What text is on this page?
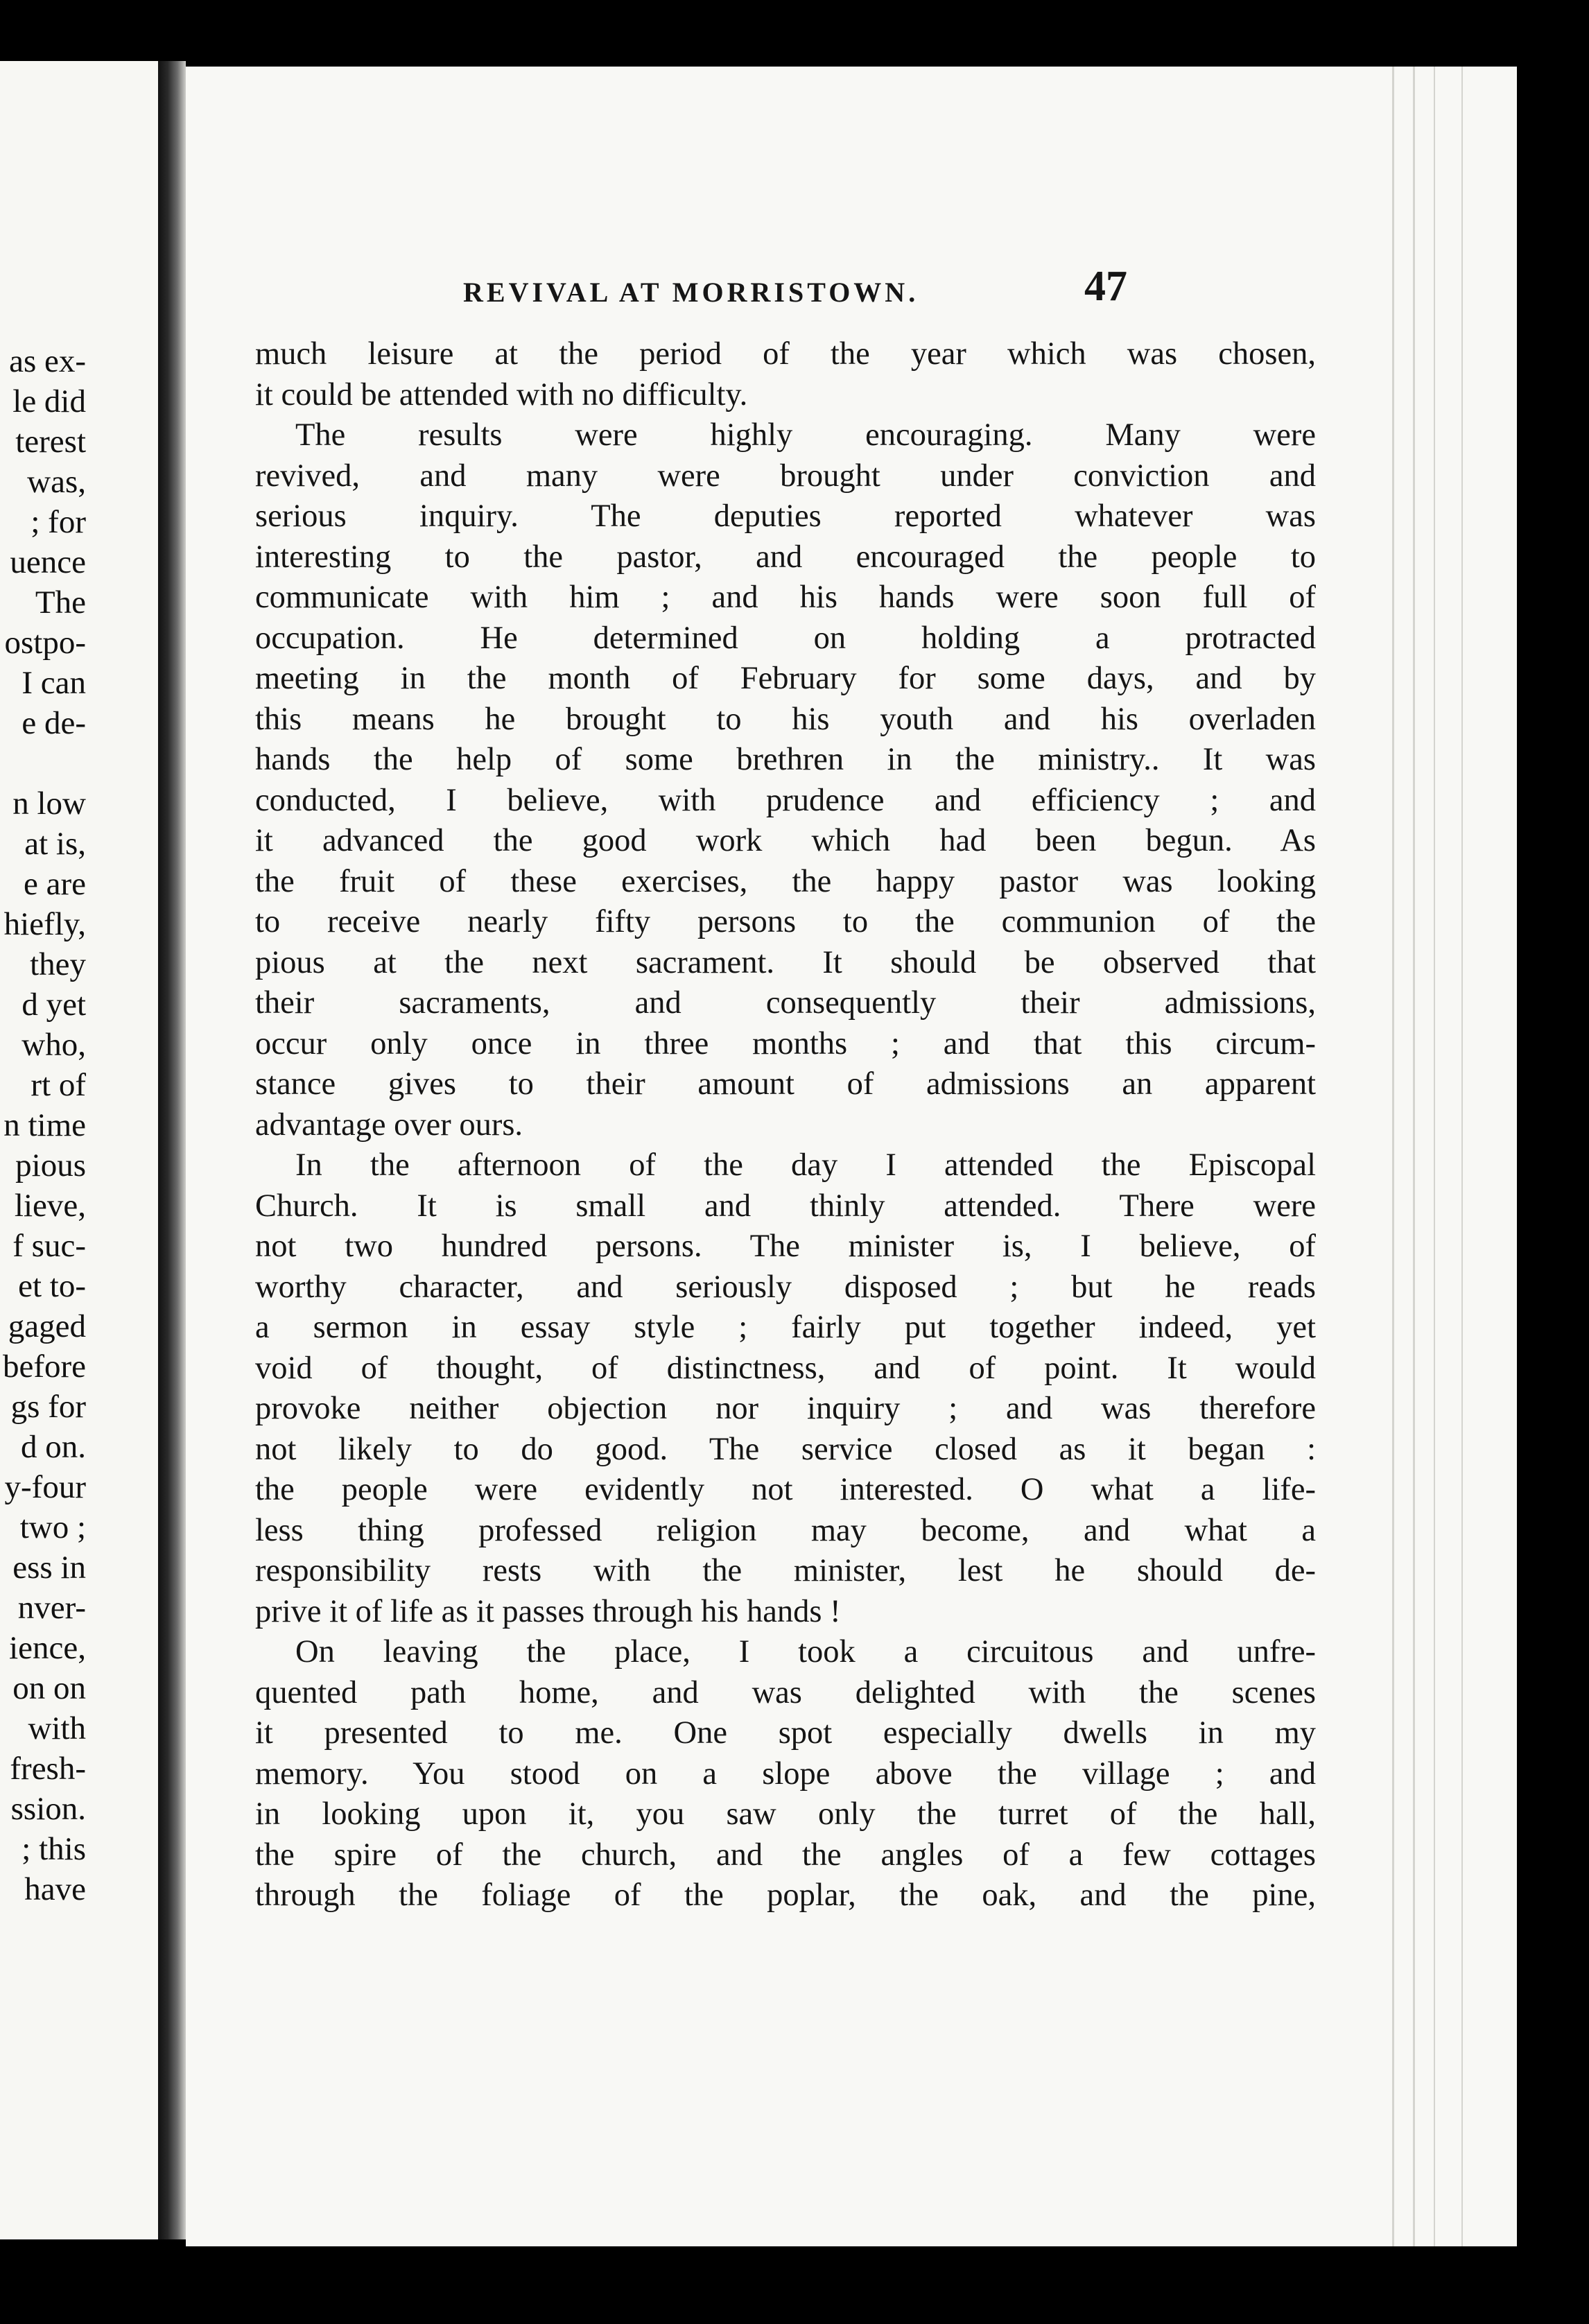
as ex-
le did
terest
was,
; for
uence
The
ostpo-
I can
e de-
n low
at is,
e are
hiefly,
they
d yet
who,
rt of
n time
pious
lieve,
f suc-
et to-
gaged
before
gs for
d on.
y-four
two ;
ess in
nver-
ience,
on on
with
fresh-
ssion.
; this
have
REVIVAL AT MORRISTOWN.	47
much leisure at the period of the year which was chosen,
it could be attended with no difficulty.
The results were highly encouraging. Many were
revived, and many were brought under conviction and
serious inquiry. The deputies reported whatever was
interesting to the pastor, and encouraged the people to
communicate with him ; and his hands were soon full of
occupation. He determined on holding a protracted
meeting in the month of February for some days, and by
this means he brought to his youth and his overladen
hands the help of some brethren in the ministry.. It was
conducted, I believe, with prudence and efficiency ; and
it advanced the good work which had been begun. As
the fruit of these exercises, the happy pastor was looking
to receive nearly fifty persons to the communion of the
pious at the next sacrament. It should be observed that
their sacraments, and consequently their admissions,
occur only once in three months ; and that this circum-
stance gives to their amount of admissions an apparent
advantage over ours.
In the afternoon of the day I attended the Episcopal
Church. It is small and thinly attended. There were
not two hundred persons. The minister is, I believe, of
worthy character, and seriously disposed ; but he reads
a sermon in essay style ; fairly put together indeed, yet
void of thought, of distinctness, and of point. It would
provoke neither objection nor inquiry ; and was therefore
not likely to do good. The service closed as it began :
the people were evidently not interested. O what a life-
less thing professed religion may become, and what a
responsibility rests with the minister, lest he should de-
prive it of life as it passes through his hands !
On leaving the place, I took a circuitous and unfre-
quented path home, and was delighted with the scenes
it presented to me. One spot especially dwells in my
memory. You stood on a slope above the village ; and
in looking upon it, you saw only the turret of the hall,
the spire of the church, and the angles of a few cottages
through the foliage of the poplar, the oak, and the pine,
